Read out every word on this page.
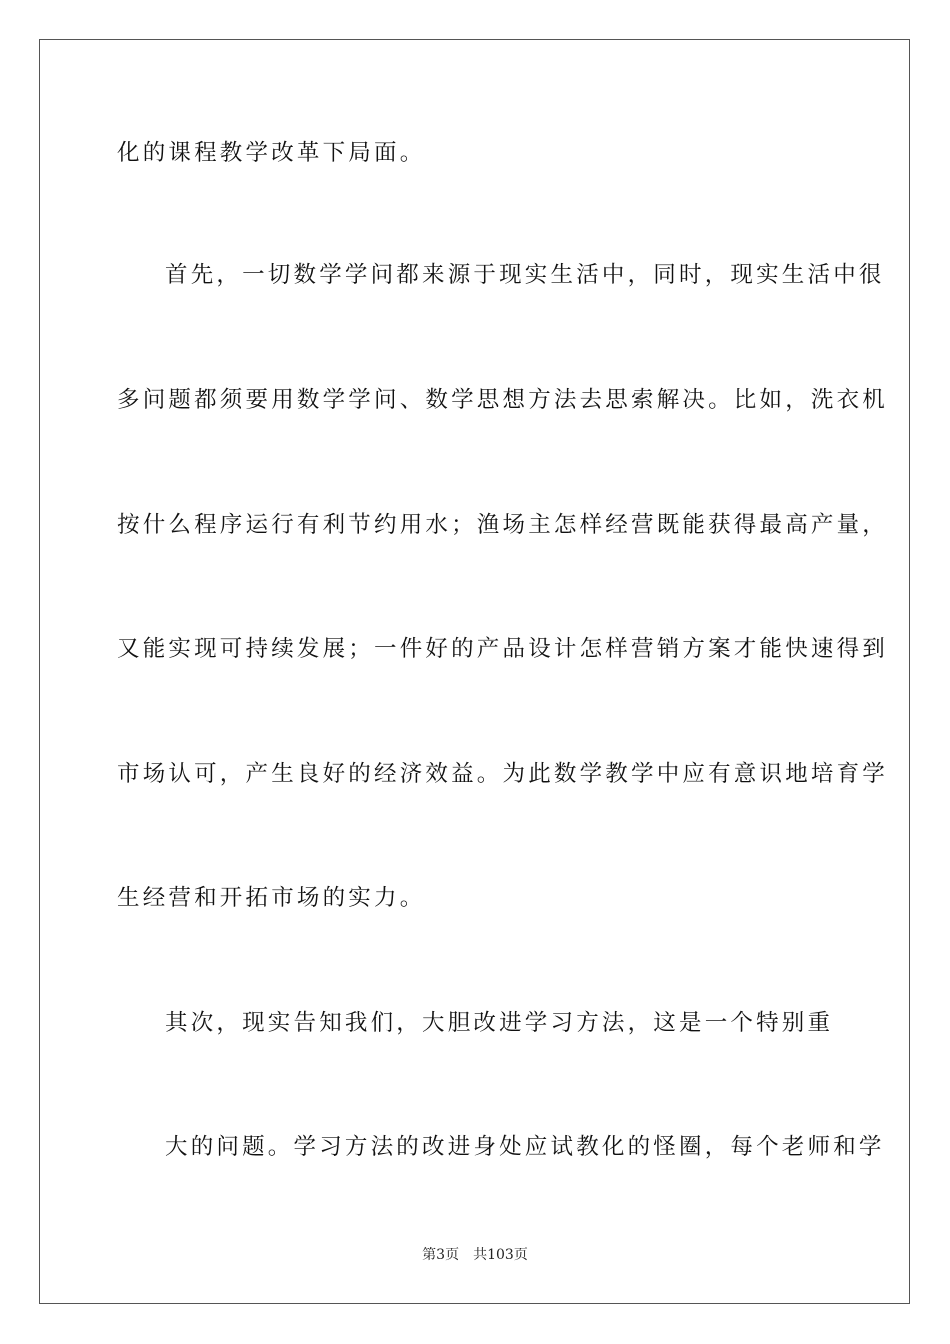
化的课程教学改革下局面。
首先，一切数学学问都来源于现实生活中，同时，现实生活中很
多问题都须要用数学学问、数学思想方法去思索解决。比如，洗衣机
按什么程序运行有利节约用水；渔场主怎样经营既能获得最高产量，
又能实现可持续发展；一件好的产品设计怎样营销方案才能快速得到
市场认可，产生良好的经济效益。为此数学教学中应有意识地培育学
生经营和开拓市场的实力。
其次，现实告知我们，大胆改进学习方法，这是一个特别重
大的问题。学习方法的改进身处应试教化的怪圈，每个老师和学
第3页 共103页
